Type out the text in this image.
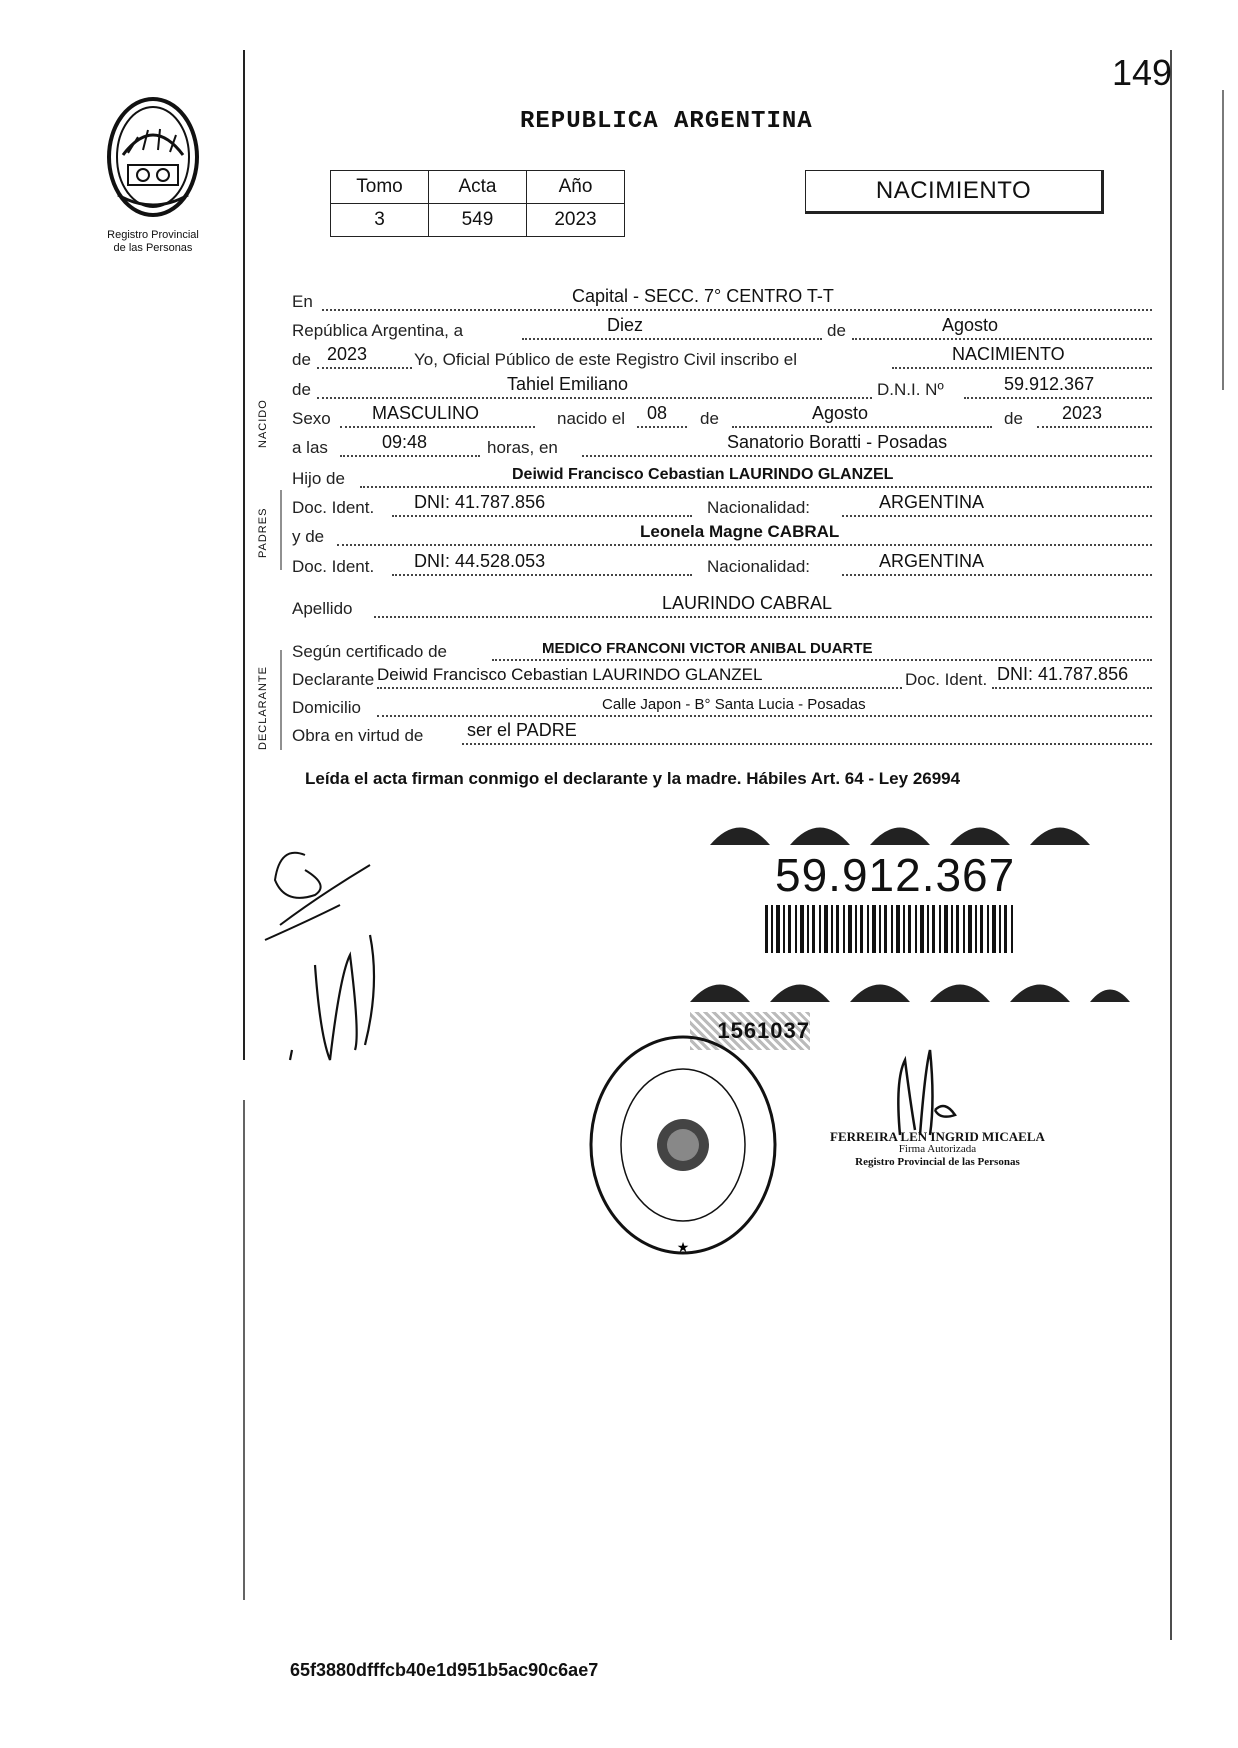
149
Registro Provincial
de las Personas
REPUBLICA ARGENTINA
Tomo	Acta	Año
3	549	2023
NACIMIENTO
NACIDO
PADRES
DECLARANTE
En	Capital - SECC. 7° CENTRO T-T
República Argentina, a	Diez	de	Agosto
de 2023	Yo, Oficial Público de este Registro Civil inscribo el	NACIMIENTO
de	Tahiel Emiliano	D.N.I. Nº	59.912.367
Sexo MASCULINO	nacido el 08 de	Agosto	de 2023
a las	09:48	horas, en	Sanatorio Boratti - Posadas
Hijo de	Deiwid Francisco Cebastian LAURINDO GLANZEL
Doc. Ident. DNI: 41.787.856	Nacionalidad:	ARGENTINA
y de	Leonela Magne CABRAL
Doc. Ident. DNI: 44.528.053	Nacionalidad:	ARGENTINA
Apellido	LAURINDO CABRAL
Según certificado de	MEDICO FRANCONI VICTOR ANIBAL DUARTE
Declarante Deiwid Francisco Cebastian LAURINDO GLANZEL	Doc. Ident. DNI: 41.787.856
Domicilio	Calle Japon - B° Santa Lucia - Posadas
Obra en virtud de ser el PADRE
Leída el acta firman conmigo el declarante y la madre. Hábiles Art. 64 - Ley 26994
59.912.367
1561037
★
FERREIRA LEN INGRID MICAELA
Firma Autorizada
Registro Provincial de las Personas
65f3880dfffcb40e1d951b5ac90c6ae7
